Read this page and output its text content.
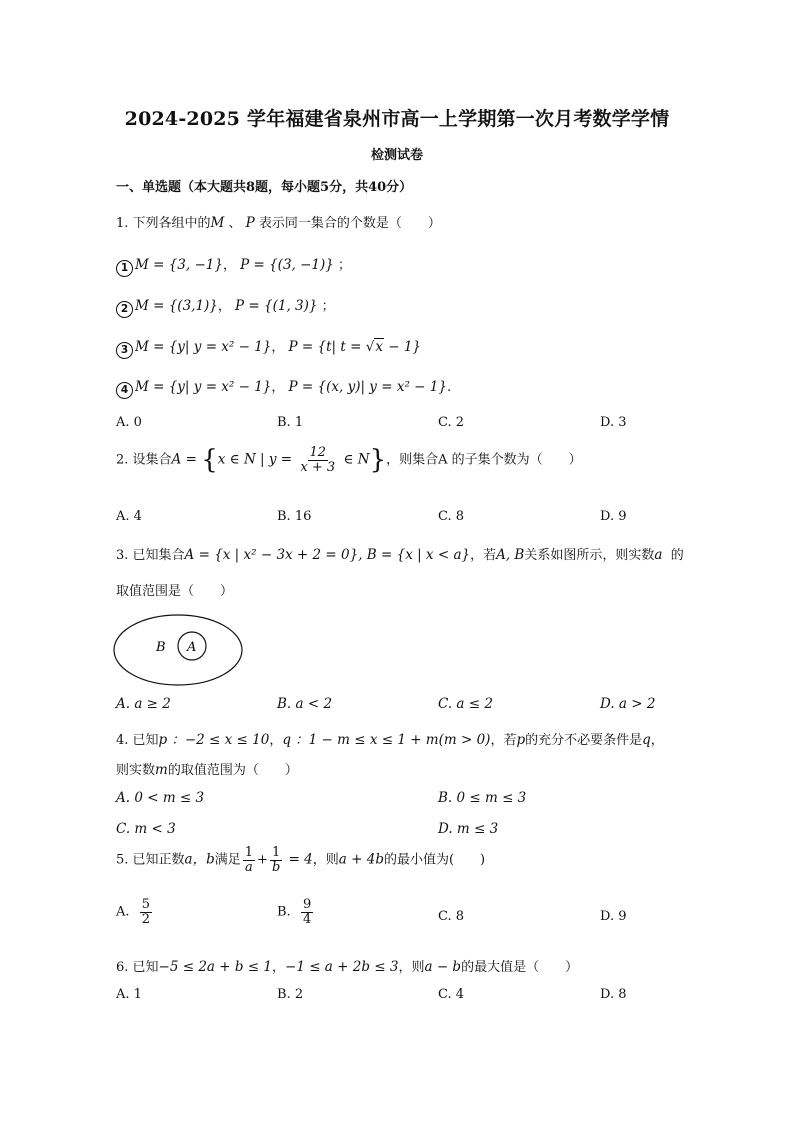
2024-2025 学年福建省泉州市高一上学期第一次月考数学学情
检测试卷
一、单选题（本大题共8题，每小题5分，共40分）
1. 下列各组中的M 、 P 表示同一集合的个数是（　　）
1 M = {3, −1}， P = {(3, −1)} ；
2 M = {(3,1)}， P = {(1, 3)} ；
3 M = {y| y = x² − 1}， P = {t| t = √x − 1}
4 M = {y| y = x² − 1}， P = {(x, y)| y = x² − 1}.
A. 0	B. 1	C. 2	D. 3
2. 设集合A = {x ∈ N | $y = \frac{12}{x + 3}$ ∈ N}，则集合A 的子集个数为（　　）
A. 4	B. 16	C. 8	D. 9
3. 已知集合A = {x | x² − 3x + 2 = 0}, B = {x | x < a}，若A, B关系如图所示，则实数a 的
取值范围是（　　）
B A
A. a ≥ 2	B. a < 2	C. a ≤ 2	D. a > 2
4. 已知p ：−2 ≤ x ≤ 10，q ：1 − m ≤ x ≤ 1 + m(m > 0)，若p的充分不必要条件是q，
则实数m的取值范围为（　　）
A. 0 < m ≤ 3	B. 0 ≤ m ≤ 3
C. m < 3	D. m ≤ 3
5. 已知正数a，b满足 $\frac{1}{a} + \frac{1}{b} = 4$，则a + 4b的最小值为(　　)
A. $\frac{5}{2}$	B. $\frac{9}{4}$	C. 8	D. 9
6. 已知−5 ≤ 2a + b ≤ 1，−1 ≤ a + 2b ≤ 3，则a − b的最大值是（　　）
A. 1	B. 2	C. 4	D. 8
